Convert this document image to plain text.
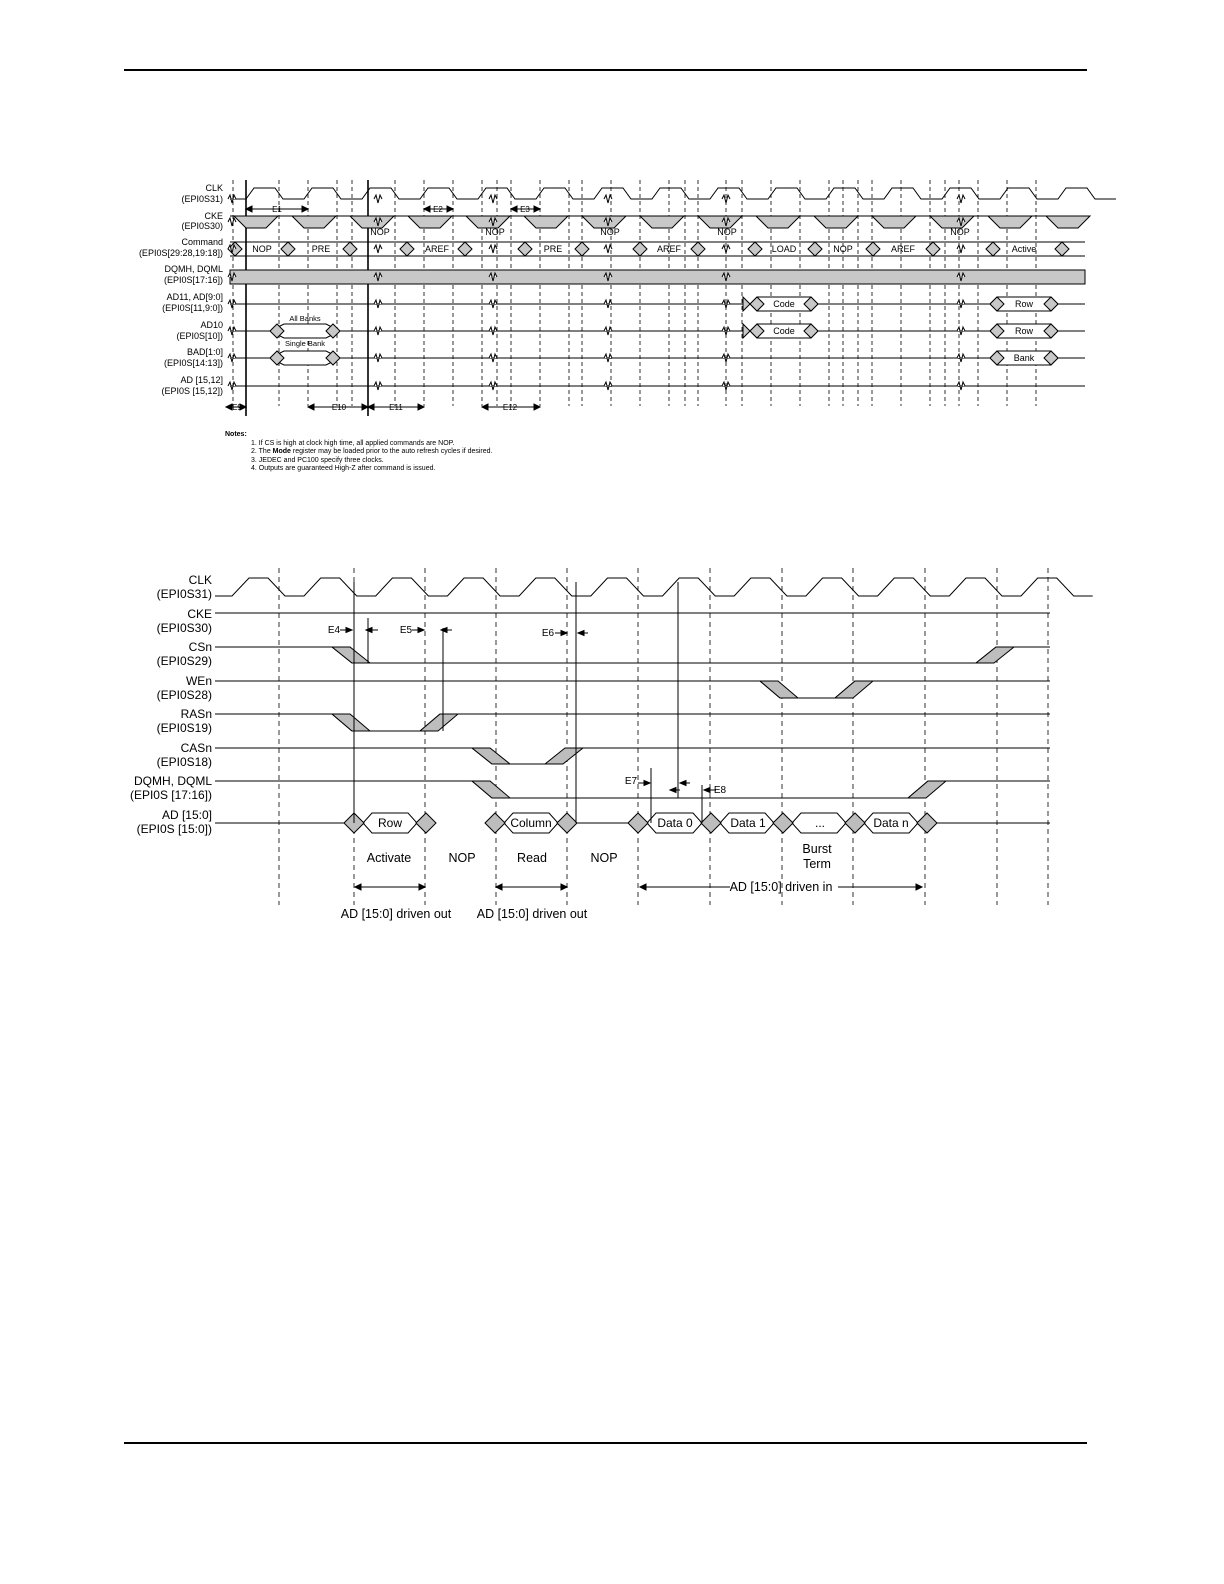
CLK
(EPI0S31)
CKE
(EPI0S30)
Command
(EPI0S[29:28,19:18])
DQMH, DQML
(EPI0S[17:16])
AD11, AD[9:0]
(EPI0S[11,9:0])
AD10
(EPI0S[10])
BAD[1:0]
(EPI0S[14:13])
AD [15,12]
(EPI0S [15,12])
NOP	PRE	AREF	PRE	AREF	LOAD	NOP	AREF	Active
NOP	NOP	NOP	NOP	NOP
Code	Row
Code	Row
Bank
All Banks
Single Bank
E1	E2	E3
E9	E10	E11	E12
CLK
(EPI0S31)
CKE
(EPI0S30)
CSn
(EPI0S29)
WEn
(EPI0S28)
RASn
(EPI0S19)
CASn
(EPI0S18)
DQMH, DQML
(EPI0S [17:16])
AD [15:0]
(EPI0S [15:0])	Row	Column	Data 0	Data 1	...	Data n
Activate	NOP	Read	NOP
Burst
Term
AD [15:0] driven out AD [15:0] driven out
AD [15:0] driven in
E4	E5	E6
E7
E8
Notes:
1. If CS is high at clock high time, all applied commands are NOP.
2. The Mode register may be loaded prior to the auto refresh cycles if desired.
3. JEDEC and PC100 specify three clocks.
4. Outputs are guaranteed High-Z after command is issued.
